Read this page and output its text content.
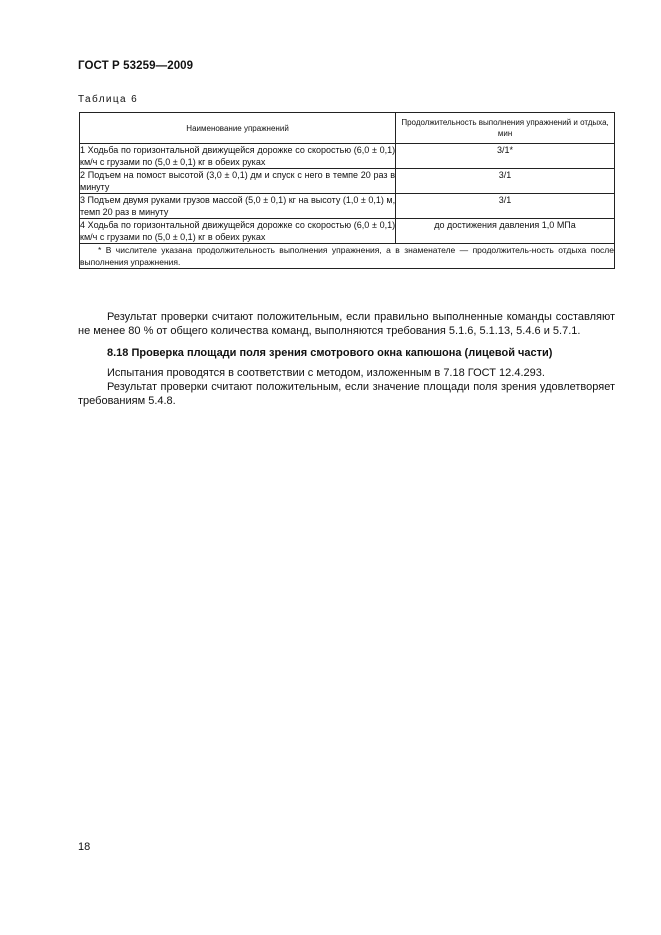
ГОСТ Р 53259—2009
Таблица 6
Наименование упражнений	Продолжительность выполнения упражнений и отдыха, мин
1 Ходьба по горизонтальной движущейся дорожке со скоростью (6,0 ± 0,1) км/ч с грузами по (5,0 ± 0,1) кг в обеих руках	3/1*
2 Подъем на помост высотой (3,0 ± 0,1) дм и спуск с него в темпе 20 раз в минуту	3/1
3 Подъем двумя руками грузов массой (5,0 ± 0,1) кг на высоту (1,0 ± 0,1) м, темп 20 раз в минуту	3/1
4 Ходьба по горизонтальной движущейся дорожке со скоростью (6,0 ± 0,1) км/ч с грузами по (5,0 ± 0,1) кг в обеих руках	до достижения давления 1,0 МПа
* В числителе указана продолжительность выполнения упражнения, а в знаменателе — продолжитель-ность отдыха после выполнения упражнения.	

Результат проверки считают положительным, если правильно выполненные команды составляют не менее 80 % от общего количества команд, выполняются требования 5.1.6, 5.1.13, 5.4.6 и 5.7.1.

8.18 Проверка площади поля зрения смотрового окна капюшона (лицевой части)

Испытания проводятся в соответствии с методом, изложенным в 7.18 ГОСТ 12.4.293.

Результат проверки считают положительным, если значение площади поля зрения удовлетворяет требованиям 5.4.8.

18
